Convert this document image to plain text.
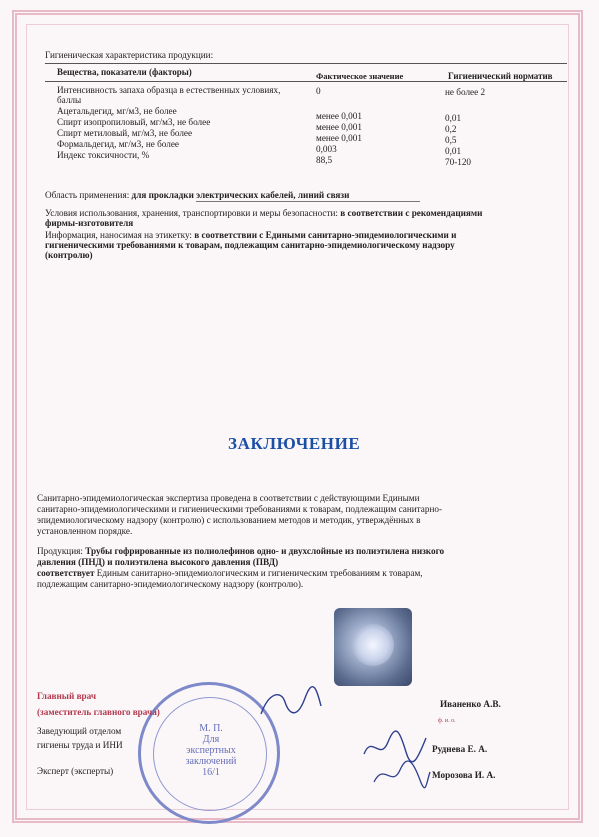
Гигиеническая характеристика продукции:
Вещества, показатели (факторы)	Фактическое значение	Гигиенический норматив
Интенсивность запаха образца в естественных условиях,
баллы
0	не более 2
Ацетальдегид, мг/м3, не более	менее 0,001	0,01
Спирт изопропиловый, мг/м3, не более	менее 0,001	0,2
Спирт метиловый, мг/м3, не более	менее 0,001	0,5
Формальдегид, мг/м3, не более	0,003	0,01
Индекс токсичности, %	88,5	70-120
Область применения: для прокладки электрических кабелей, линий связи
Условия использования, хранения, транспортировки и меры безопасности: в соответствии с рекомендациями
фирмы-изготовителя
Информация, наносимая на этикетку: в соответствии с Едиными санитарно-эпидемиологическими и
гигиеническими требованиями к товарам, подлежащим санитарно-эпидемиологическому надзору
(контролю)
ЗАКЛЮЧЕНИЕ
Санитарно-эпидемиологическая экспертиза проведена в соответствии с действующими Едиными
санитарно-эпидемиологическими и гигиеническими требованиями к товарам, подлежащим санитарно-
эпидемиологическому надзору (контролю) с использованием методов и методик, утверждённых в
установленном порядке.
Продукция: Трубы гофрированные из полиолефинов одно- и двухслойные из полиэтилена низкого
давления (ПНД) и полиэтилена высокого давления (ПВД)
соответствует Единым санитарно-эпидемиологическим и гигиеническим требованиям к товарам,
подлежащим санитарно-эпидемиологическому надзору (контролю).
М. П.
Для
экспертных
заключений
16/1
Главный врач
(заместитель главного врача)
Иваненко А.В.
ф. и. о.
Заведующий отделом
гигиены труда и ИНИ	Руднева Е. А.
Эксперт (эксперты)	Морозова И. А.
